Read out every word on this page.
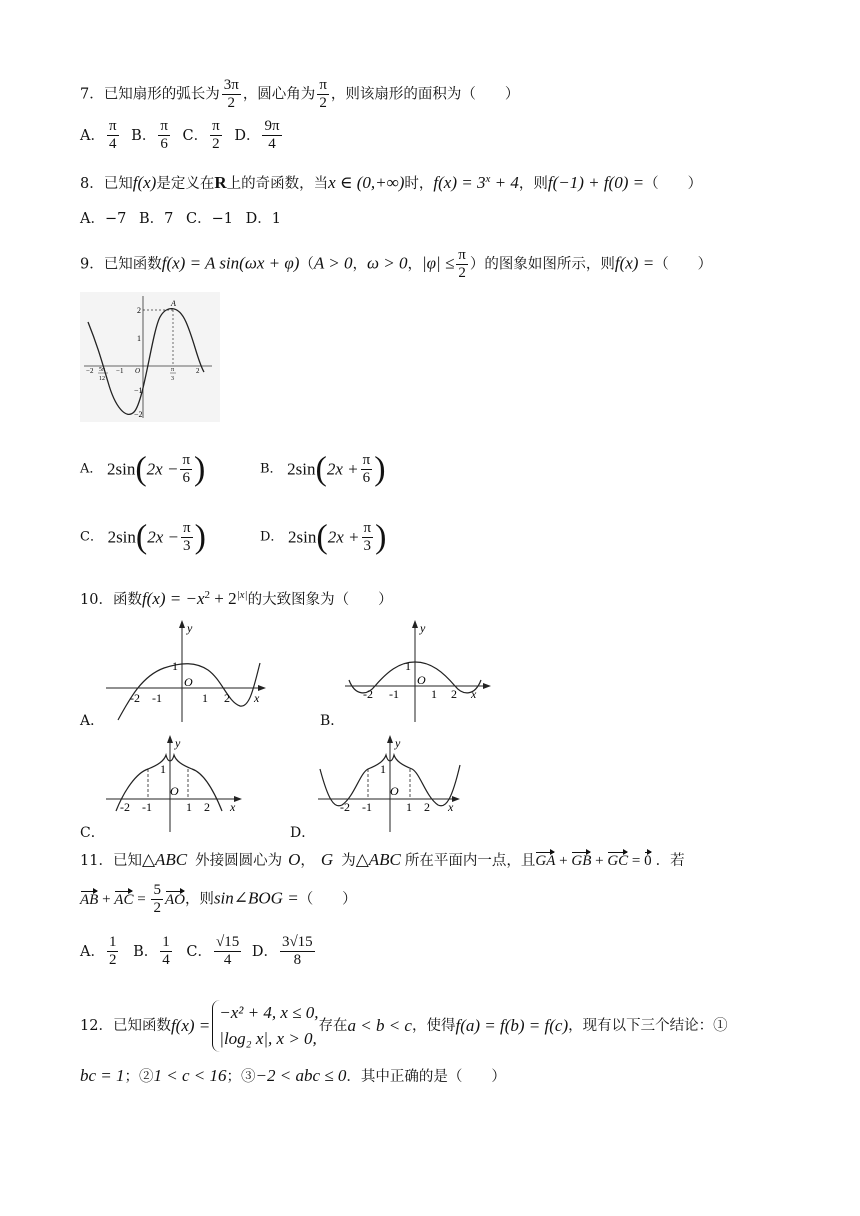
7．已知扇形的弧长为 $\frac{3\pi}{2}$ ，圆心角为 $\frac{\pi}{2}$ ，则该扇形的面积为（　　）
A． $\frac{\pi}{4}$ B． $\frac{\pi}{6}$ C． $\frac{\pi}{2}$ D． $\frac{9\pi}{4}$
8．已知f(x)是定义在R上的奇函数，当x ∈ (0,+∞)时，$f(x) = 3^x + 4$，则f(−1) + f(0) =（　　）
A．−7 B．7 C．−1 D．1
9．已知函数f(x) = A sin(ωx + φ)（A > 0，ω > 0，$|\varphi| \le \frac{\pi}{2}$ ）的图象如图所示，则f(x) =（　　）
A
2
1
−1
−2
−2	−1 O	2
5π
12
π
3
A． $2\sin(2x - \frac{\pi}{6}$ )	B． $2\sin(2x + \frac{\pi}{6}$ )
C． $2\sin(2x - \frac{\pi}{3}$ )	D． $2\sin(2x + \frac{\pi}{3}$ )
10．函数$f(x) = -x^2 + 2^{|x|}$的大致图象为（　　）
y
x
O
1
-2 -1	1 2
A．
y
x
O
1
-2 -1	1 2
B．
y
x
O
1
-2 -1	1 2
C．
y
x
O
1
-2 -1	1 2
D．
11．已知△ABC 外接圆圆心为 O， G 为△ABC 所在平面内一点，且GA + GB + GC = 0 ．若
AB + AC = $\frac{5}{2}$ AO，则sin∠BOG =（　　）
A． $\frac{1}{2}$ B． $\frac{1}{4}$ C． $\frac{√15}{4}$ D． $\frac{3√15}{8}$
12．已知函数f(x) =
−x² + 4, x ≤ 0,
|log₂ x|, x > 0,
存在a < b < c，使得f(a) = f(b) = f(c)，现有以下三个结论：①
bc = 1；②1 < c < 16；③−2 < abc ≤ 0．其中正确的是（　　）
